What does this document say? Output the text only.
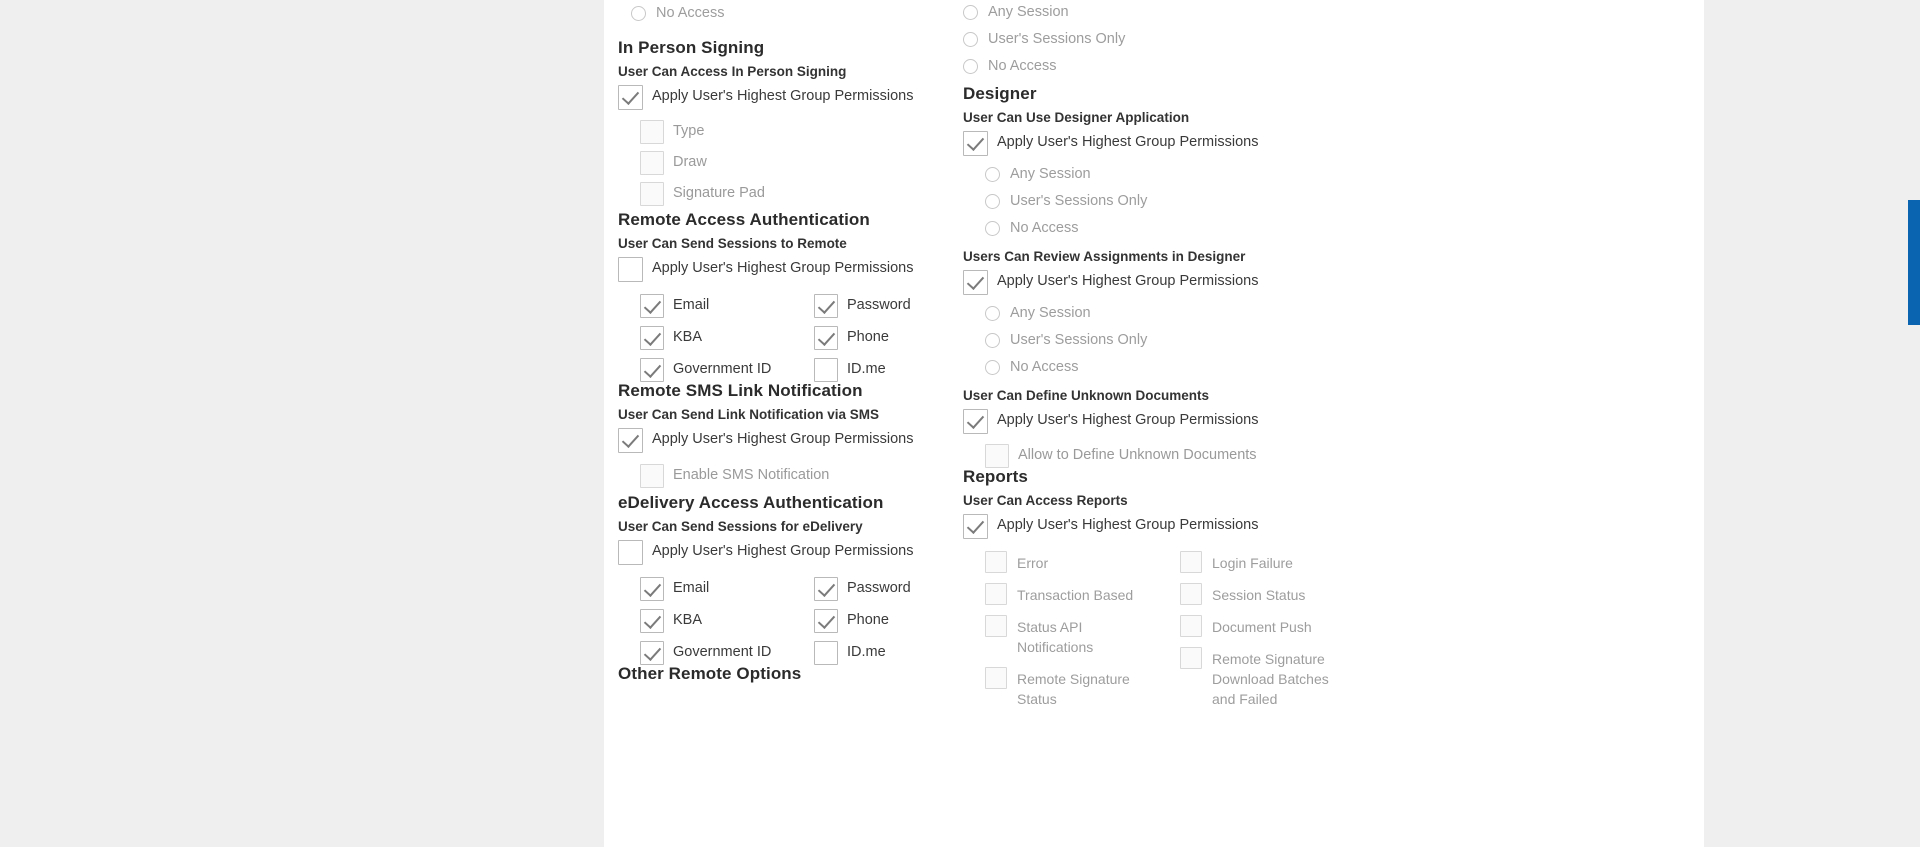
No Access
In Person Signing
User Can Access In Person Signing
Apply User's Highest Group Permissions
Type
Draw
Signature Pad
Remote Access Authentication
User Can Send Sessions to Remote
Apply User's Highest Group Permissions
Email
KBA
Government ID
Password
Phone
ID.me
Remote SMS Link Notification
User Can Send Link Notification via SMS
Apply User's Highest Group Permissions
Enable SMS Notification
eDelivery Access Authentication
User Can Send Sessions for eDelivery
Apply User's Highest Group Permissions
Email
KBA
Government ID
Password
Phone
ID.me
Other Remote Options
Any Session
User's Sessions Only
No Access
Designer
User Can Use Designer Application
Apply User's Highest Group Permissions
Any Session
User's Sessions Only
No Access
Users Can Review Assignments in Designer
Apply User's Highest Group Permissions
Any Session
User's Sessions Only
No Access
User Can Define Unknown Documents
Apply User's Highest Group Permissions
Allow to Define Unknown Documents
Reports
User Can Access Reports
Apply User's Highest Group Permissions
Error
Transaction Based
Status API Notifications
Remote Signature Status
Login Failure
Session Status
Document Push
Remote Signature Download Batches and Failed
